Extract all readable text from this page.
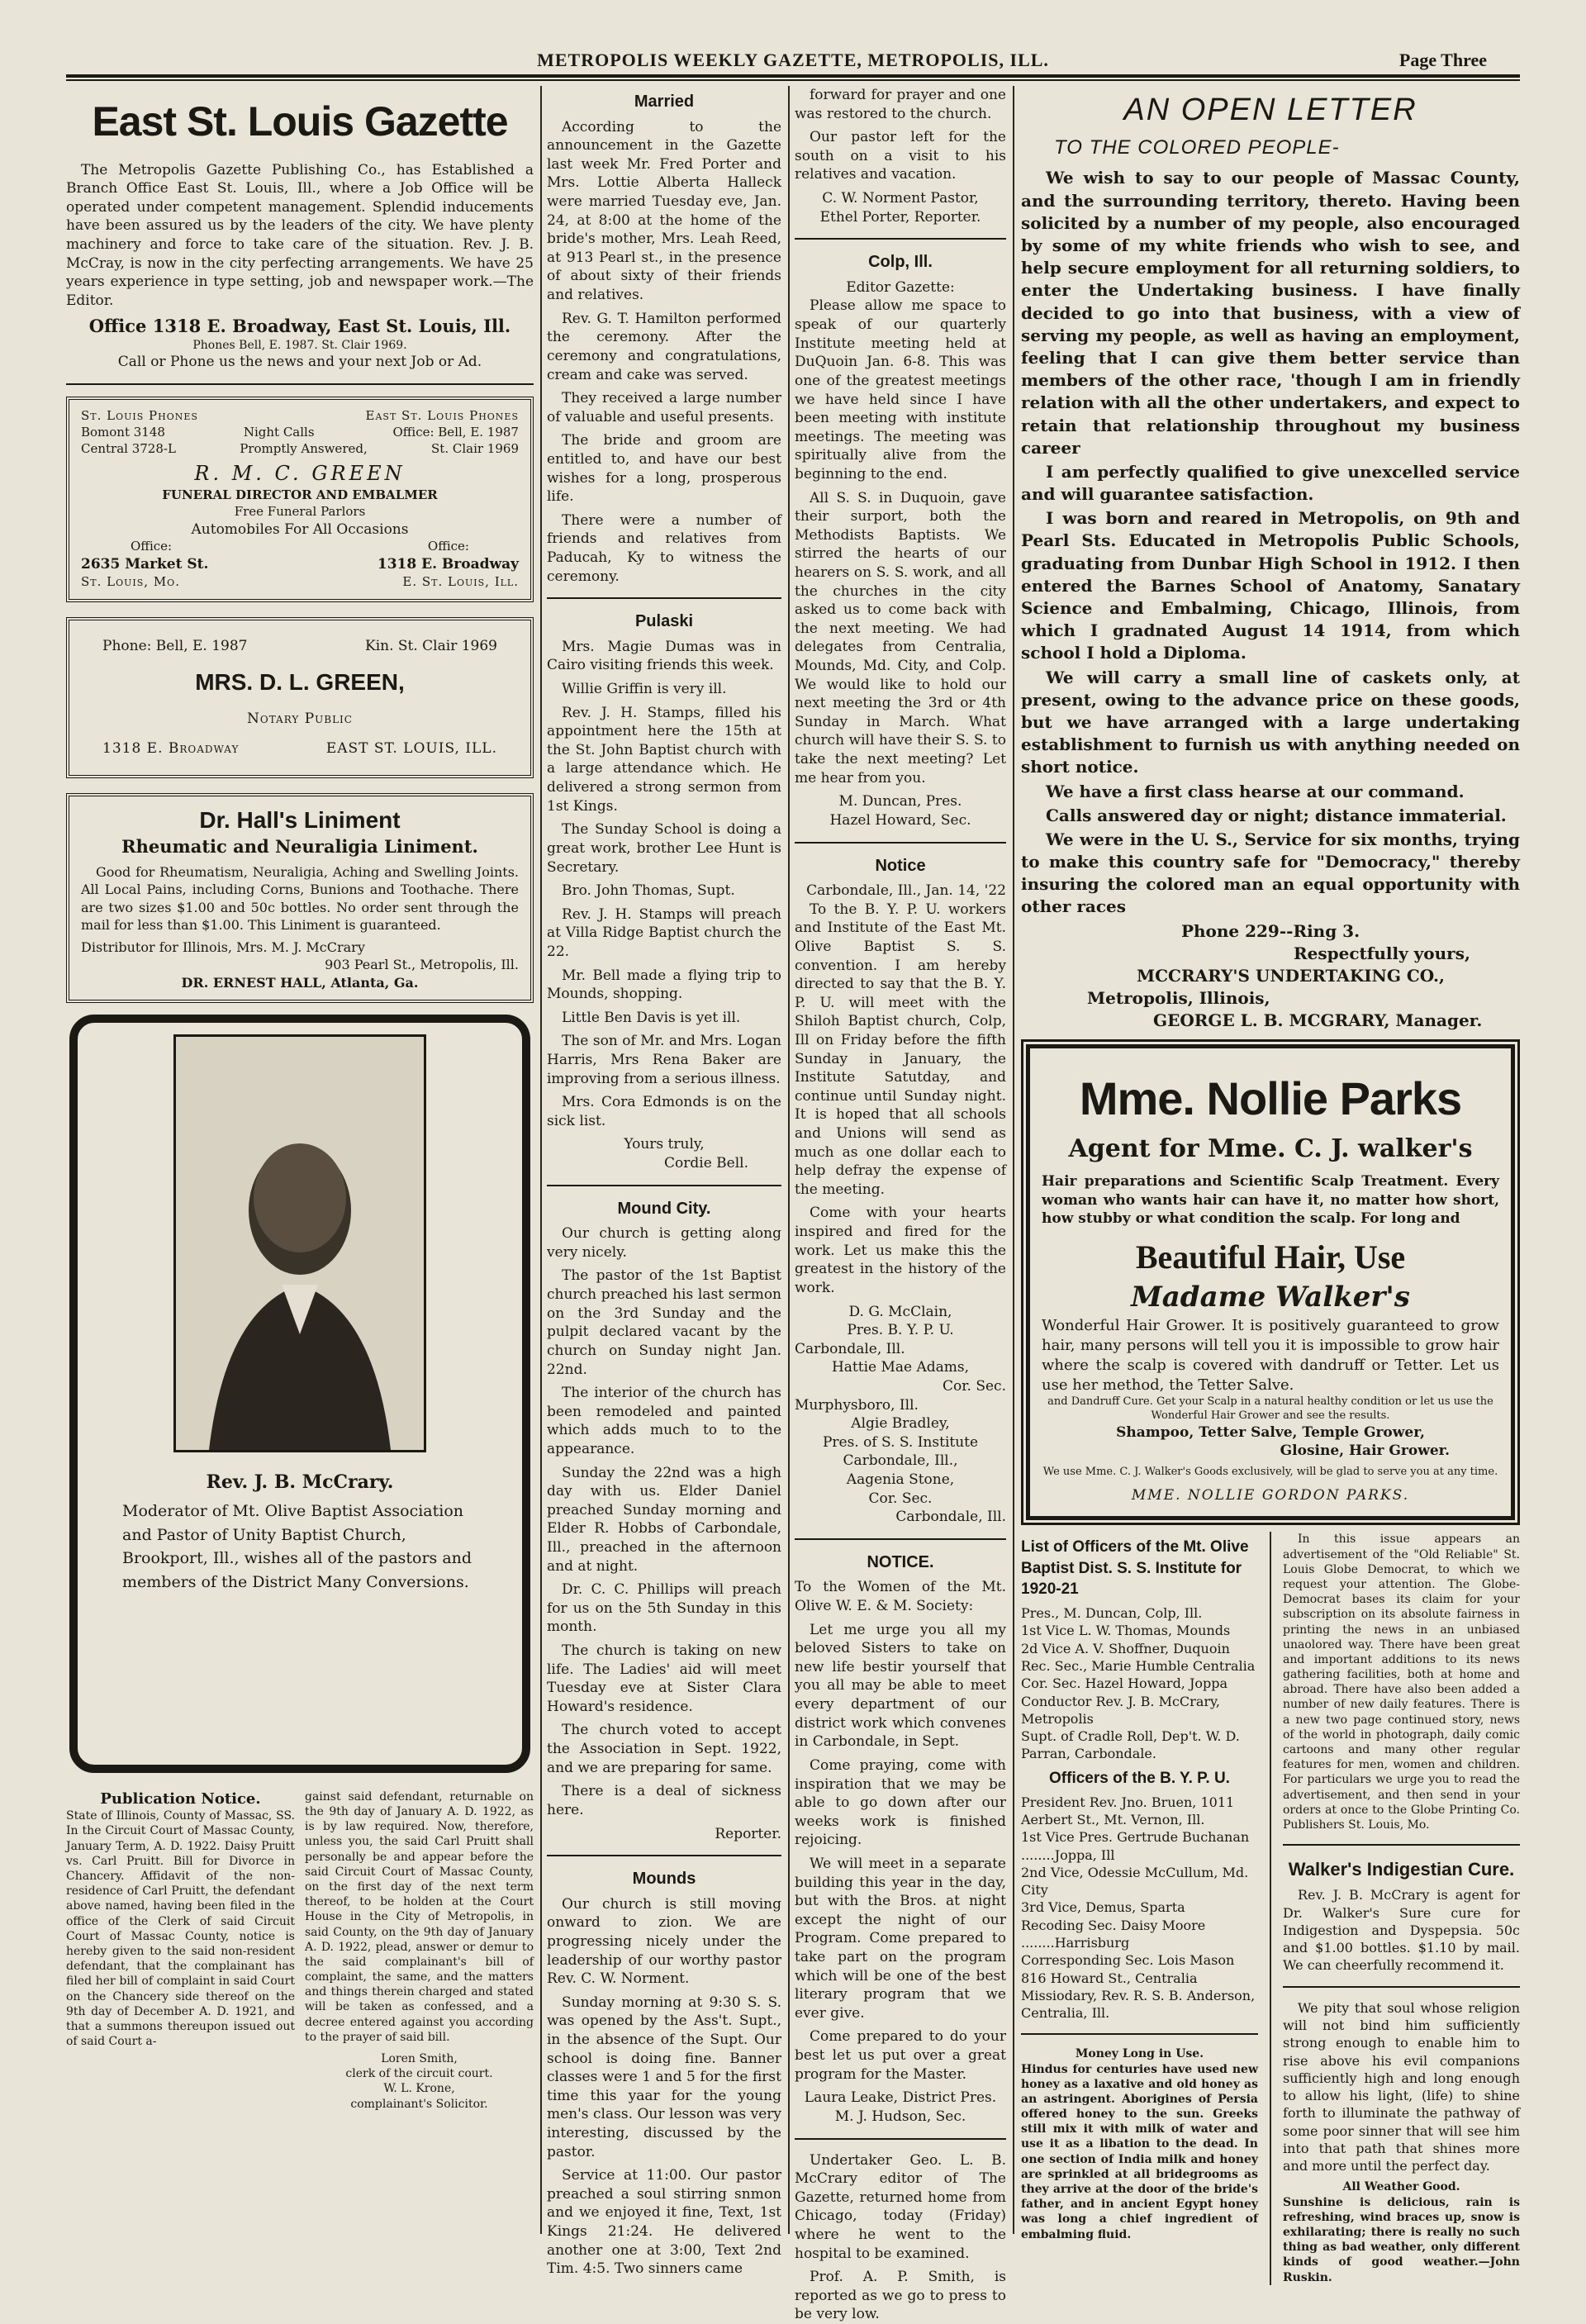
METROPOLIS WEEKLY GAZETTE, METROPOLIS, ILL.	Page Three
East St. Louis Gazette

The Metropolis Gazette Publishing Co., has Established a Branch Office East St. Louis, Ill., where a Job Office will be operated under competent management. Splendid inducements have been assured us by the leaders of the city. We have plenty machinery and force to take care of the situation. Rev. J. B. McCray, is now in the city perfecting arrangements. We have 25 years experience in type setting, job and newspaper work.—The Editor.

Office 1318 E. Broadway, East St. Louis, Ill.
Phones Bell, E. 1987. St. Clair 1969.
Call or Phone us the news and your next Job or Ad.
St. Louis Phones	East St. Louis Phones
Bomont 3148	Night Calls	Office: Bell, E. 1987
Central 3728-L	Promptly Answered,	St. Clair 1969
R. M. C. GREEN
FUNERAL DIRECTOR AND EMBALMER
Free Funeral Parlors
Automobiles For All Occasions
Office:	Office:
2635 Market St.	1318 E. Broadway
St. Louis, Mo.	E. St. Louis, Ill.
Phone: Bell, E. 1987	Kin. St. Clair 1969
MRS. D. L. GREEN,
Notary Public
1318 E. Broadway	EAST ST. LOUIS, ILL.
Dr. Hall's Liniment
Rheumatic and Neuraligia Liniment.

Good for Rheumatism, Neuraligia, Aching and Swelling Joints. All Local Pains, including Corns, Bunions and Toothache. There are two sizes $1.00 and 50c bottles. No order sent through the mail for less than $1.00. This Liniment is guaranteed.

Distributor for Illinois, Mrs. M. J. McCrary
903 Pearl St., Metropolis, Ill.
DR. ERNEST HALL, Atlanta, Ga.
Rev. J. B. McCrary.
Moderator of Mt. Olive Baptist Association and Pastor of Unity Baptist Church, Brookport, Ill., wishes all of the pastors and members of the District Many Conversions.
Publication Notice.
State of Illinois, County of Massac, SS. In the Circuit Court of Massac County, January Term, A. D. 1922. Daisy Pruitt vs. Carl Pruitt. Bill for Divorce in Chancery. Affidavit of the non-residence of Carl Pruitt, the defendant above named, having been filed in the office of the Clerk of said Circuit Court of Massac County, notice is hereby given to the said non-resident defendant, that the complainant has filed her bill of complaint in said Court on the Chancery side thereof on the 9th day of December A. D. 1921, and that a summons thereupon issued out of said Court a-
gainst said defendant, returnable on the 9th day of January A. D. 1922, as is by law required. Now, therefore, unless you, the said Carl Pruitt shall personally be and appear before the said Circuit Court of Massac County, on the first day of the next term thereof, to be holden at the Court House in the City of Metropolis, in said County, on the 9th day of January A. D. 1922, plead, answer or demur to the said complainant's bill of complaint, the same, and the matters and things therein charged and stated will be taken as confessed, and a decree entered against you according to the prayer of said bill.
Loren Smith,
clerk of the circuit court.
W. L. Krone,
complainant's Solicitor.
Married

According to the announcement in the Gazette last week Mr. Fred Porter and Mrs. Lottie Alberta Halleck were married Tuesday eve, Jan. 24, at 8:00 at the home of the bride's mother, Mrs. Leah Reed, at 913 Pearl st., in the presence of about sixty of their friends and relatives.

Rev. G. T. Hamilton performed the ceremony. After the ceremony and congratulations, cream and cake was served.

They received a large number of valuable and useful presents.

The bride and groom are entitled to, and have our best wishes for a long, prosperous life.

There were a number of friends and relatives from Paducah, Ky to witness the ceremony.

Pulaski

Mrs. Magie Dumas was in Cairo visiting friends this week.

Willie Griffin is very ill.

Rev. J. H. Stamps, filled his appointment here the 15th at the St. John Baptist church with a large attendance which. He delivered a strong sermon from 1st Kings.

The Sunday School is doing a great work, brother Lee Hunt is Secretary.

Bro. John Thomas, Supt.

Rev. J. H. Stamps will preach at Villa Ridge Baptist church the 22.

Mr. Bell made a flying trip to Mounds, shopping.

Little Ben Davis is yet ill.

The son of Mr. and Mrs. Logan Harris, Mrs Rena Baker are improving from a serious illness.

Mrs. Cora Edmonds is on the sick list.

Yours truly,
Cordie Bell.
Mound City.

Our church is getting along very nicely.

The pastor of the 1st Baptist church preached his last sermon on the 3rd Sunday and the pulpit declared vacant by the church on Sunday night Jan. 22nd.

The interior of the church has been remodeled and painted which adds much to to the appearance.

Sunday the 22nd was a high day with us. Elder Daniel preached Sunday morning and Elder R. Hobbs of Carbondale, Ill., preached in the afternoon and at night.

Dr. C. C. Phillips will preach for us on the 5th Sunday in this month.

The church is taking on new life. The Ladies' aid will meet Tuesday eve at Sister Clara Howard's residence.

The church voted to accept the Association in Sept. 1922, and we are preparing for same.

There is a deal of sickness here.

Reporter.
Mounds

Our church is still moving onward to zion. We are progressing nicely under the leadership of our worthy pastor Rev. C. W. Norment.

Sunday morning at 9:30 S. S. was opened by the Ass't. Supt., in the absence of the Supt. Our school is doing fine. Banner classes were 1 and 5 for the first time this yaar for the young men's class. Our lesson was very interesting, discussed by the pastor.

Service at 11:00. Our pastor preached a soul stirring snmon and we enjoyed it fine, Text, 1st Kings 21:24. He delivered another one at 3:00, Text 2nd Tim. 4:5. Two sinners came

forward for prayer and one was restored to the church.

Our pastor left for the south on a visit to his relatives and vacation.

C. W. Norment Pastor,
Ethel Porter, Reporter.
Colp, Ill.
Editor Gazette:

Please allow me space to speak of our quarterly Institute meeting held at DuQuoin Jan. 6-8. This was one of the greatest meetings we have held since I have been meeting with institute meetings. The meeting was spiritually alive from the beginning to the end.

All S. S. in Duquoin, gave their surport, both the Methodists Baptists. We stirred the hearts of our hearers on S. S. work, and all the churches in the city asked us to come back with the next meeting. We had delegates from Centralia, Mounds, Md. City, and Colp. We would like to hold our next meeting the 3rd or 4th Sunday in March. What church will have their S. S. to take the next meeting? Let me hear from you.

M. Duncan, Pres.
Hazel Howard, Sec.
Notice
Carbondale, Ill., Jan. 14, '22

To the B. Y. P. U. workers and Institute of the East Mt. Olive Baptist S. S. convention. I am hereby directed to say that the B. Y. P. U. will meet with the Shiloh Baptist church, Colp, Ill on Friday before the fifth Sunday in January, the Institute Satutday, and continue until Sunday night. It is hoped that all schools and Unions will send as much as one dollar each to help defray the expense of the meeting.

Come with your hearts inspired and fired for the work. Let us make this the greatest in the history of the work.

D. G. McClain,
Pres. B. Y. P. U.
Carbondale, Ill.
Hattie Mae Adams,
Cor. Sec.
Murphysboro, Ill.
Algie Bradley,
Pres. of S. S. Institute
Carbondale, Ill.,
Aagenia Stone,
Cor. Sec.
Carbondale, Ill.
NOTICE.

To the Women of the Mt. Olive W. E. & M. Society:

Let me urge you all my beloved Sisters to take on new life bestir yourself that you all may be able to meet every department of our district work which convenes in Carbondale, in Sept.

Come praying, come with inspiration that we may be able to go down after our weeks work is finished rejoicing.

We will meet in a separate building this year in the day, but with the Bros. at night except the night of our Program. Come prepared to take part on the program which will be one of the best literary program that we ever give.

Come prepared to do your best let us put over a great program for the Master.

Laura Leake, District Pres.
M. J. Hudson, Sec.

Undertaker Geo. L. B. McCrary editor of The Gazette, returned home from Chicago, today (Friday) where he went to the hospital to be examined.

Prof. A. P. Smith, is reported as we go to press to be very low.

AN OPEN LETTER
TO THE COLORED PEOPLE-

We wish to say to our people of Massac County, and the surrounding territory, thereto. Having been solicited by a number of my people, also encouraged by some of my white friends who wish to see, and help secure employment for all returning soldiers, to enter the Undertaking business. I have finally decided to go into that business, with a view of serving my people, as well as having an employment, feeling that I can give them better service than members of the other race, 'though I am in friendly relation with all the other undertakers, and expect to retain that relationship throughout my business career

I am perfectly qualified to give unexcelled service and will guarantee satisfaction.

I was born and reared in Metropolis, on 9th and Pearl Sts. Educated in Metropolis Public Schools, graduating from Dunbar High School in 1912. I then entered the Barnes School of Anatomy, Sanatary Science and Embalming, Chicago, Illinois, from which I gradnated August 14 1914, from which school I hold a Diploma.

We will carry a small line of caskets only, at present, owing to the advance price on these goods, but we have arranged with a large undertaking establishment to furnish us with anything needed on short notice.

We have a first class hearse at our command.

Calls answered day or night; distance immaterial.

We were in the U. S., Service for six months, trying to make this country safe for "Democracy," thereby insuring the colored man an equal opportunity with other races

Phone 229--Ring 3.
Respectfully yours,
MCCRARY'S UNDERTAKING CO.,
Metropolis, Illinois,
GEORGE L. B. MCGRARY, Manager.
Mme. Nollie Parks
Agent for Mme. C. J. walker's
Hair preparations and Scientific Scalp Treatment. Every woman who wants hair can have it, no matter how short, how stubby or what condition the scalp. For long and
Beautiful Hair, Use
Madame Walker's
Wonderful Hair Grower. It is positively guaranteed to grow hair, many persons will tell you it is impossible to grow hair where the scalp is covered with dandruff or Tetter. Let us use her method, the Tetter Salve.
and Dandruff Cure. Get your Scalp in a natural healthy condition or let us use the Wonderful Hair Grower and see the results.
Shampoo, Tetter Salve, Temple Grower,
Glosine, Hair Grower.
We use Mme. C. J. Walker's Goods exclusively, will be glad to serve you at any time.
MME. NOLLIE GORDON PARKS.
List of Officers of the Mt. Olive Baptist Dist. S. S. Institute for 1920-21
Pres., M. Duncan, Colp, Ill.
1st Vice L. W. Thomas, Mounds
2d Vice A. V. Shoffner, Duquoin
Rec. Sec., Marie Humble Centralia
Cor. Sec. Hazel Howard, Joppa
Conductor Rev. J. B. McCrary, Metropolis
Supt. of Cradle Roll, Dep't. W. D. Parran, Carbondale.
Officers of the B. Y. P. U.
President Rev. Jno. Bruen, 1011 Aerbert St., Mt. Vernon, Ill.
1st Vice Pres. Gertrude Buchanan ........Joppa, Ill
2nd Vice, Odessie McCullum, Md. City
3rd Vice, Demus, Sparta
Recoding Sec. Daisy Moore ........Harrisburg
Corresponding Sec. Lois Mason 816 Howard St., Centralia
Missiodary, Rev. R. S. B. Anderson, Centralia, Ill.
Money Long in Use.
Hindus for centuries have used new honey as a laxative and old honey as an astringent. Aborigines of Persia offered honey to the sun. Greeks still mix it with milk of water and use it as a libation to the dead. In one section of India milk and honey are sprinkled at all bridegrooms as they arrive at the door of the bride's father, and in ancient Egypt honey was long a chief ingredient of embalming fluid.

In this issue appears an advertisement of the "Old Reliable" St. Louis Globe Democrat, to which we request your attention. The Globe-Democrat bases its claim for your subscription on its absolute fairness in printing the news in an unbiased unaolored way. There have been great and important additions to its news gathering facilities, both at home and abroad. There have also been added a number of new daily features. There is a new two page continued story, news of the world in photograph, daily comic cartoons and many other regular features for men, women and children. For particulars we urge you to read the advertisement, and then send in your orders at once to the Globe Printing Co. Publishers St. Louis, Mo.

Walker's Indigestian Cure.

Rev. J. B. McCrary is agent for Dr. Walker's Sure cure for Indigestion and Dyspepsia. 50c and $1.00 bottles. $1.10 by mail. We can cheerfully recommend it.

We pity that soul whose religion will not bind him sufficiently strong enough to enable him to rise above his evil companions sufficiently high and long enough to allow his light, (life) to shine forth to illuminate the pathway of some poor sinner that will see him into that path that shines more and more until the perfect day.

All Weather Good.
Sunshine is delicious, rain is refreshing, wind braces up, snow is exhilarating; there is really no such thing as bad weather, only different kinds of good weather.—John Ruskin.
